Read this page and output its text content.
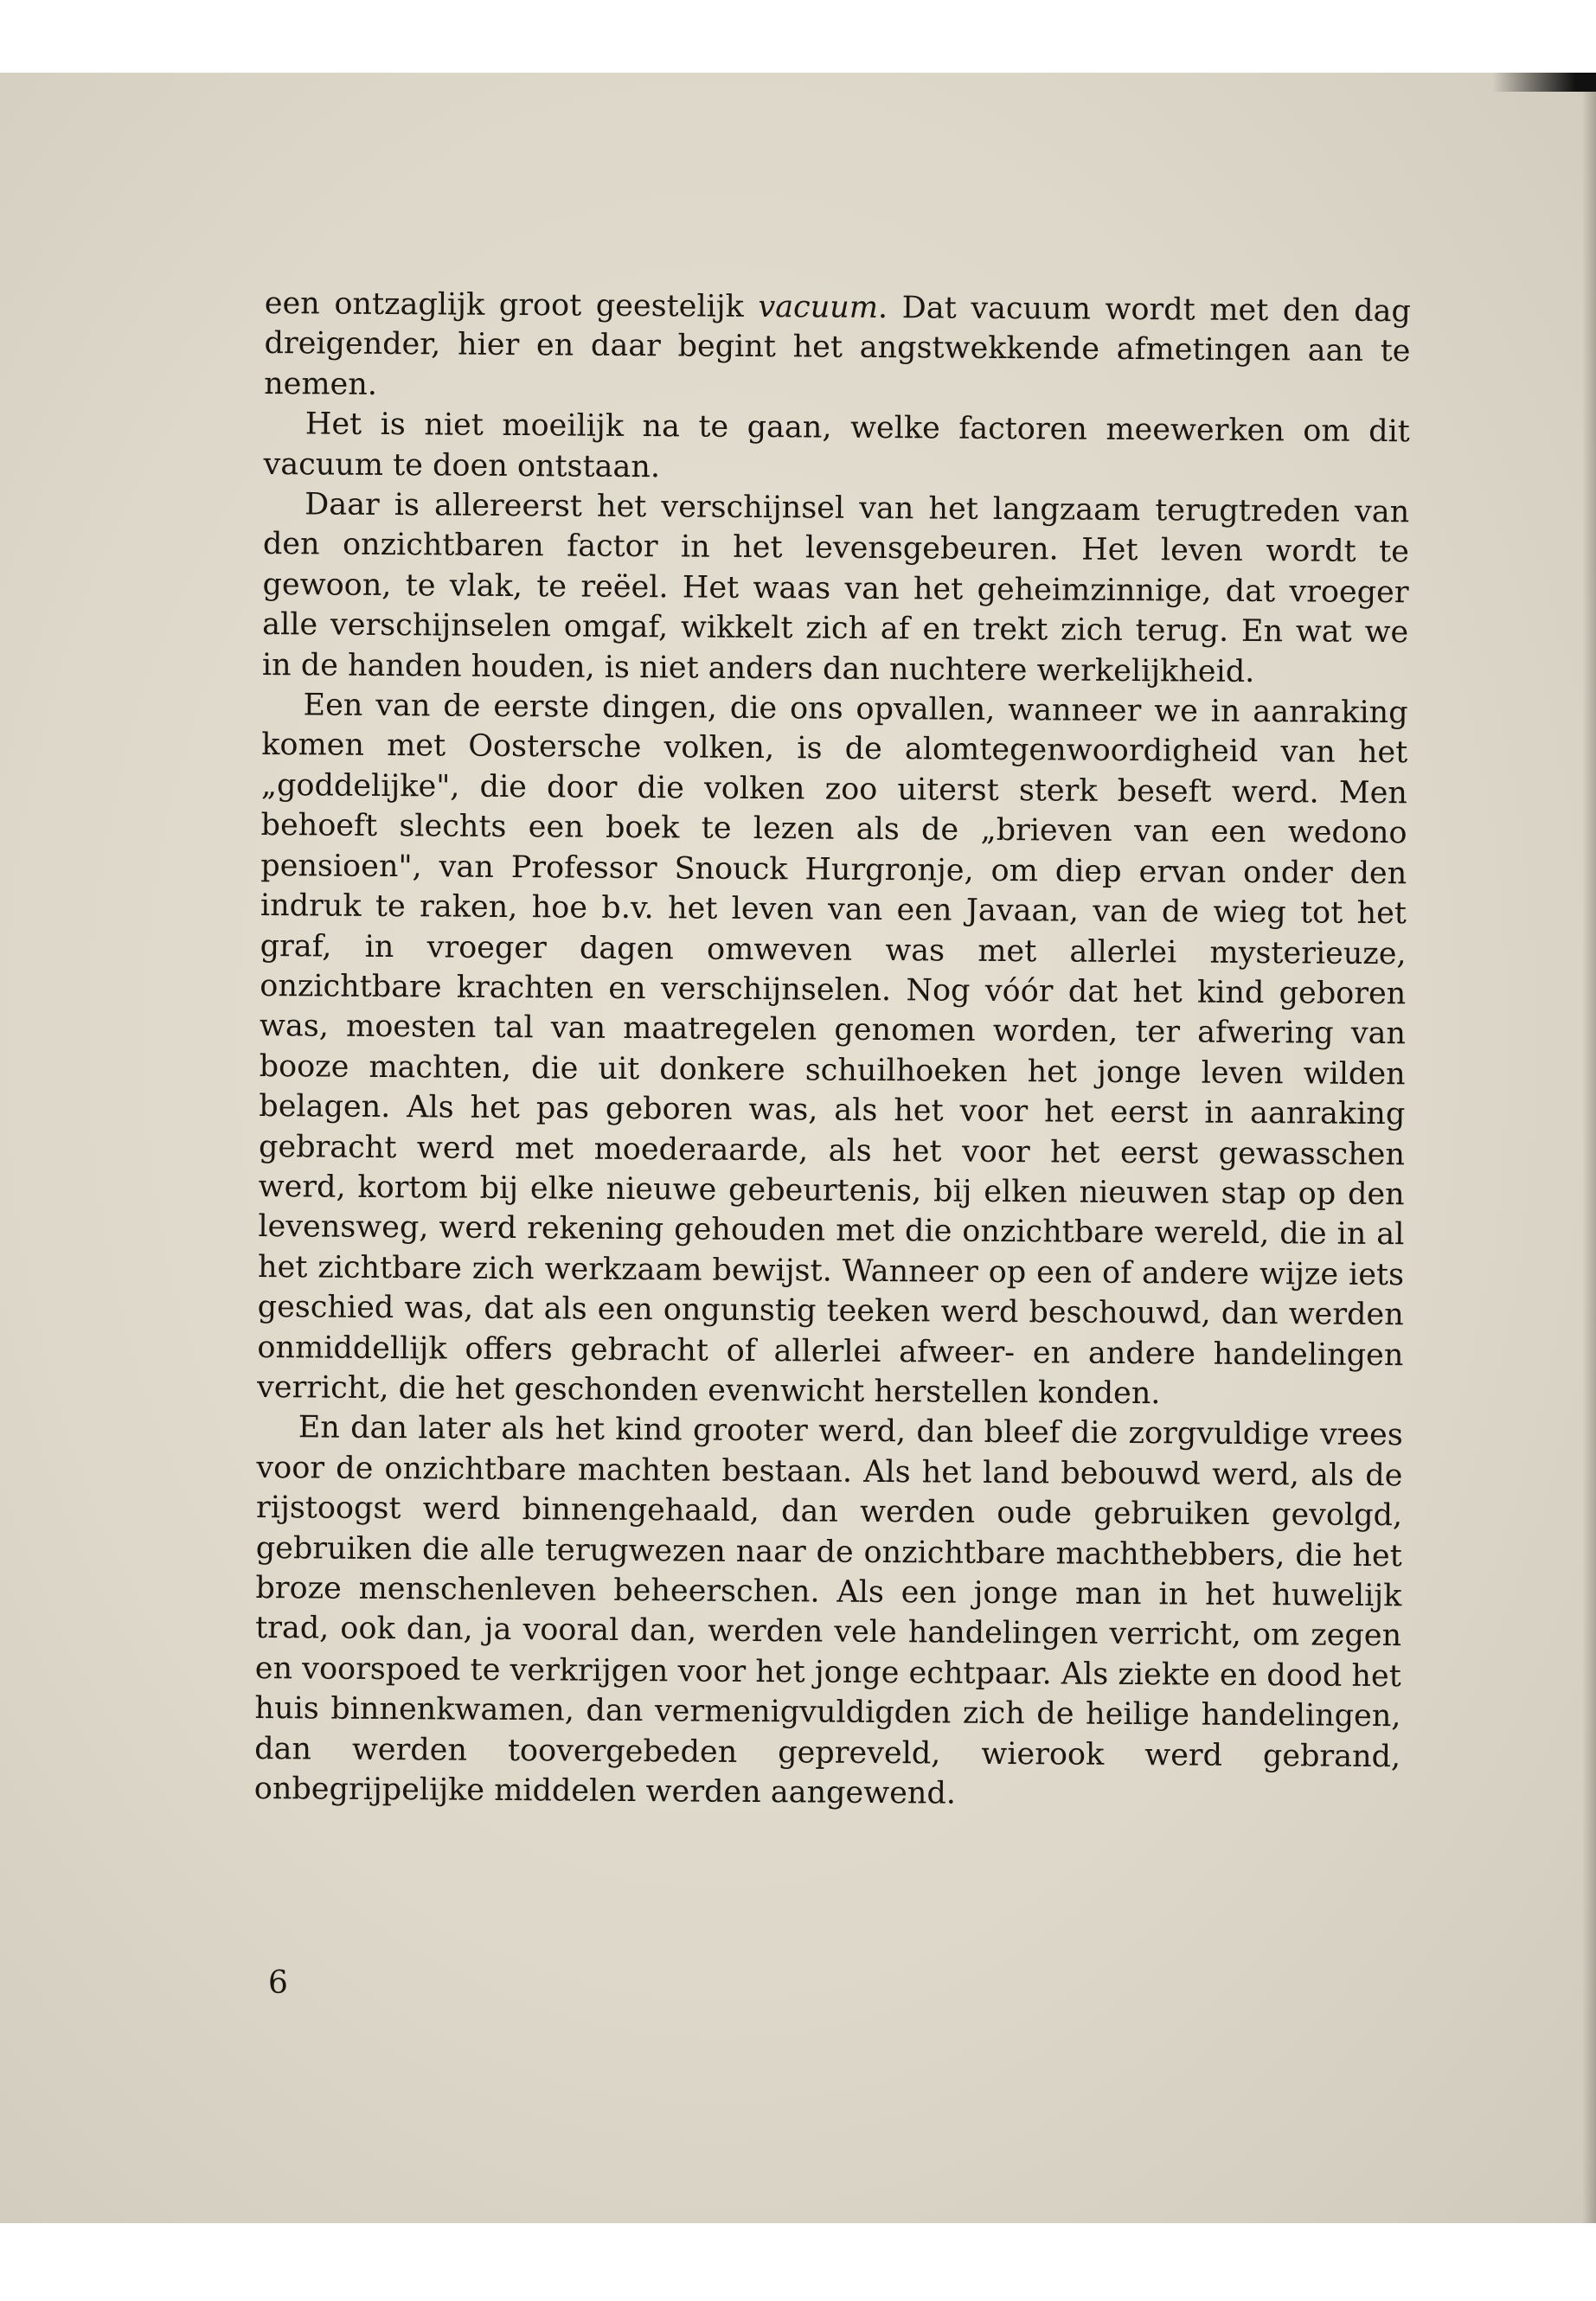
een ontzaglijk groot geestelijk vacuum. Dat vacuum wordt met den dag dreigender, hier en daar begint het angstwekkende afmetingen aan te nemen.

Het is niet moeilijk na te gaan, welke factoren meewerken om dit vacuum te doen ontstaan.

Daar is allereerst het verschijnsel van het langzaam terugtreden van den onzichtbaren factor in het levensgebeuren. Het leven wordt te gewoon, te vlak, te reëel. Het waas van het geheimzinnige, dat vroeger alle verschijnselen omgaf, wikkelt zich af en trekt zich terug. En wat we in de handen houden, is niet anders dan nuchtere werkelijkheid.

Een van de eerste dingen, die ons opvallen, wanneer we in aanraking komen met Oostersche volken, is de alomtegenwoordigheid van het „goddelijke", die door die volken zoo uiterst sterk beseft werd. Men behoeft slechts een boek te lezen als de „brieven van een wedono pensioen", van Professor Snouck Hurgronje, om diep ervan onder den indruk te raken, hoe b.v. het leven van een Javaan, van de wieg tot het graf, in vroeger dagen omweven was met allerlei mysterieuze, onzichtbare krachten en verschijnselen. Nog vóór dat het kind geboren was, moesten tal van maatregelen genomen worden, ter afwering van booze machten, die uit donkere schuilhoeken het jonge leven wilden belagen. Als het pas geboren was, als het voor het eerst in aanraking gebracht werd met moederaarde, als het voor het eerst gewasschen werd, kortom bij elke nieuwe gebeurtenis, bij elken nieuwen stap op den levensweg, werd rekening gehouden met die onzichtbare wereld, die in al het zichtbare zich werkzaam bewijst. Wanneer op een of andere wijze iets geschied was, dat als een ongunstig teeken werd beschouwd, dan werden onmiddellijk offers gebracht of allerlei afweer- en andere handelingen verricht, die het geschonden evenwicht herstellen konden.

En dan later als het kind grooter werd, dan bleef die zorgvuldige vrees voor de onzichtbare machten bestaan. Als het land bebouwd werd, als de rijstoogst werd binnengehaald, dan werden oude gebruiken gevolgd, gebruiken die alle terugwezen naar de onzichtbare machthebbers, die het broze menschenleven beheerschen. Als een jonge man in het huwelijk trad, ook dan, ja vooral dan, werden vele handelingen verricht, om zegen en voorspoed te verkrijgen voor het jonge echtpaar. Als ziekte en dood het huis binnenkwamen, dan vermenigvuldigden zich de heilige handelingen, dan werden toovergebeden gepreveld, wierook werd gebrand, onbegrijpelijke middelen werden aangewend.

6
